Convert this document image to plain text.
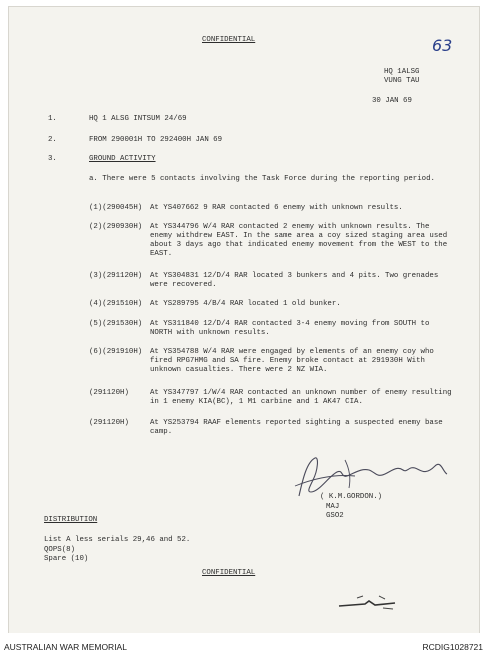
CONFIDENTIAL	63
HQ 1ALSG
VUNG TAU
30 JAN 69
1.	HQ 1 ALSG INTSUM 24/69
2.	FROM 290001H TO 292400H JAN 69
3.	GROUND ACTIVITY
a. There were 5 contacts involving the Task Force during the reporting period.
(1)(290045H) At YS407662 9 RAR contacted 6 enemy with unknown results.
(2)(290930H) At YS344796 W/4 RAR contacted 2 enemy with unknown results. The enemy withdrew EAST. In the same area a coy sized staging area used about 3 days ago that indicated enemy movement from the WEST to the EAST.
(3)(291120H) At YS304831 12/D/4 RAR located 3 bunkers and 4 pits. Two grenades were recovered.
(4)(291510H) At YS289795 4/B/4 RAR located 1 old bunker.
(5)(291530H) At YS311840 12/D/4 RAR contacted 3-4 enemy moving from SOUTH to NORTH with unknown results.
(6)(291910H) At YS354788 W/4 RAR were engaged by elements of an enemy coy who fired RPG7HMG and SA fire. Enemy broke contact at 291930H With unknown casualties. There were 2 NZ WIA.
(291120H)	At YS347797 1/W/4 RAR contacted an unknown number of enemy resulting in 1 enemy KIA(BC), 1 M1 carbine and 1 AK47 CIA.
(291120H)	At YS253794 RAAF elements reported sighting a suspected enemy base camp.
( K.M.GORDON.)
MAJ
GSO2
DISTRIBUTION
List A less serials 29,46 and 52.
QOPS(8)
Spare (10)
CONFIDENTIAL
AUSTRALIAN WAR MEMORIAL	RCDIG1028721
